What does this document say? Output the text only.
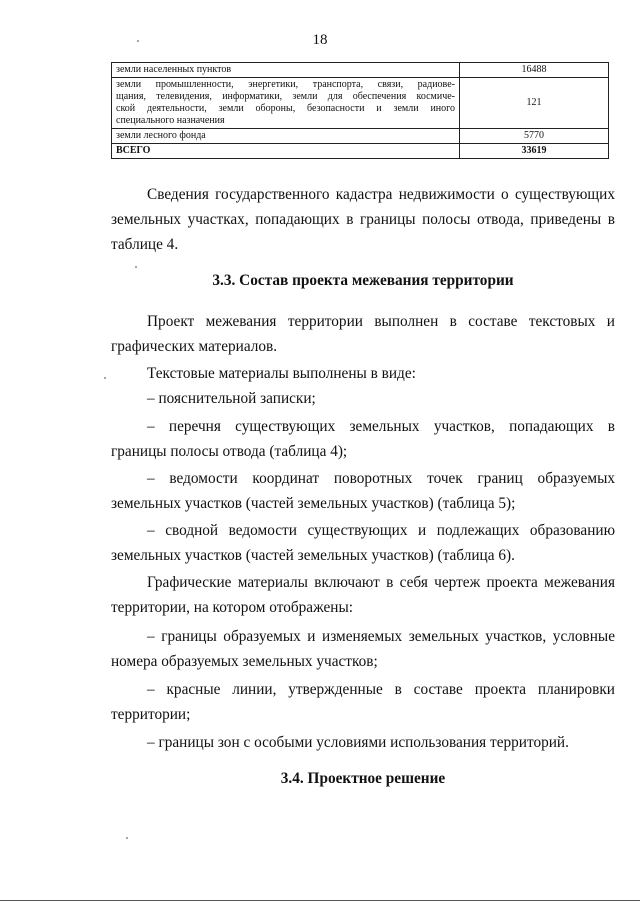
18
земли населенных пунктов	16488

земли промышленности, энергетики, транспорта, связи, радиове-
щания, телевидения, информатики, земли для обеспечения космиче-
ской деятельности, земли обороны, безопасности и земли иного
специального назначения	121
земли лесного фонда	5770
ВСЕГО	33619
Сведения государственного кадастра недвижимости о существующих
земельных участках, попадающих в границы полосы отвода, приведены в
таблице 4.
3.3. Состав проекта межевания территории
Проект межевания территории выполнен в составе текстовых и
графических материалов.
Текстовые материалы выполнены в виде:
– пояснительной записки;
– перечня существующих земельных участков, попадающих в
границы полосы отвода (таблица 4);
– ведомости координат поворотных точек границ образуемых
земельных участков (частей земельных участков) (таблица 5);
– сводной ведомости существующих и подлежащих образованию
земельных участков (частей земельных участков) (таблица 6).
Графические материалы включают в себя чертеж проекта межевания
территории, на котором отображены:
– границы образуемых и изменяемых земельных участков, условные
номера образуемых земельных участков;
– красные линии, утвержденные в составе проекта планировки
территории;
– границы зон с особыми условиями использования территорий.
3.4. Проектное решение
